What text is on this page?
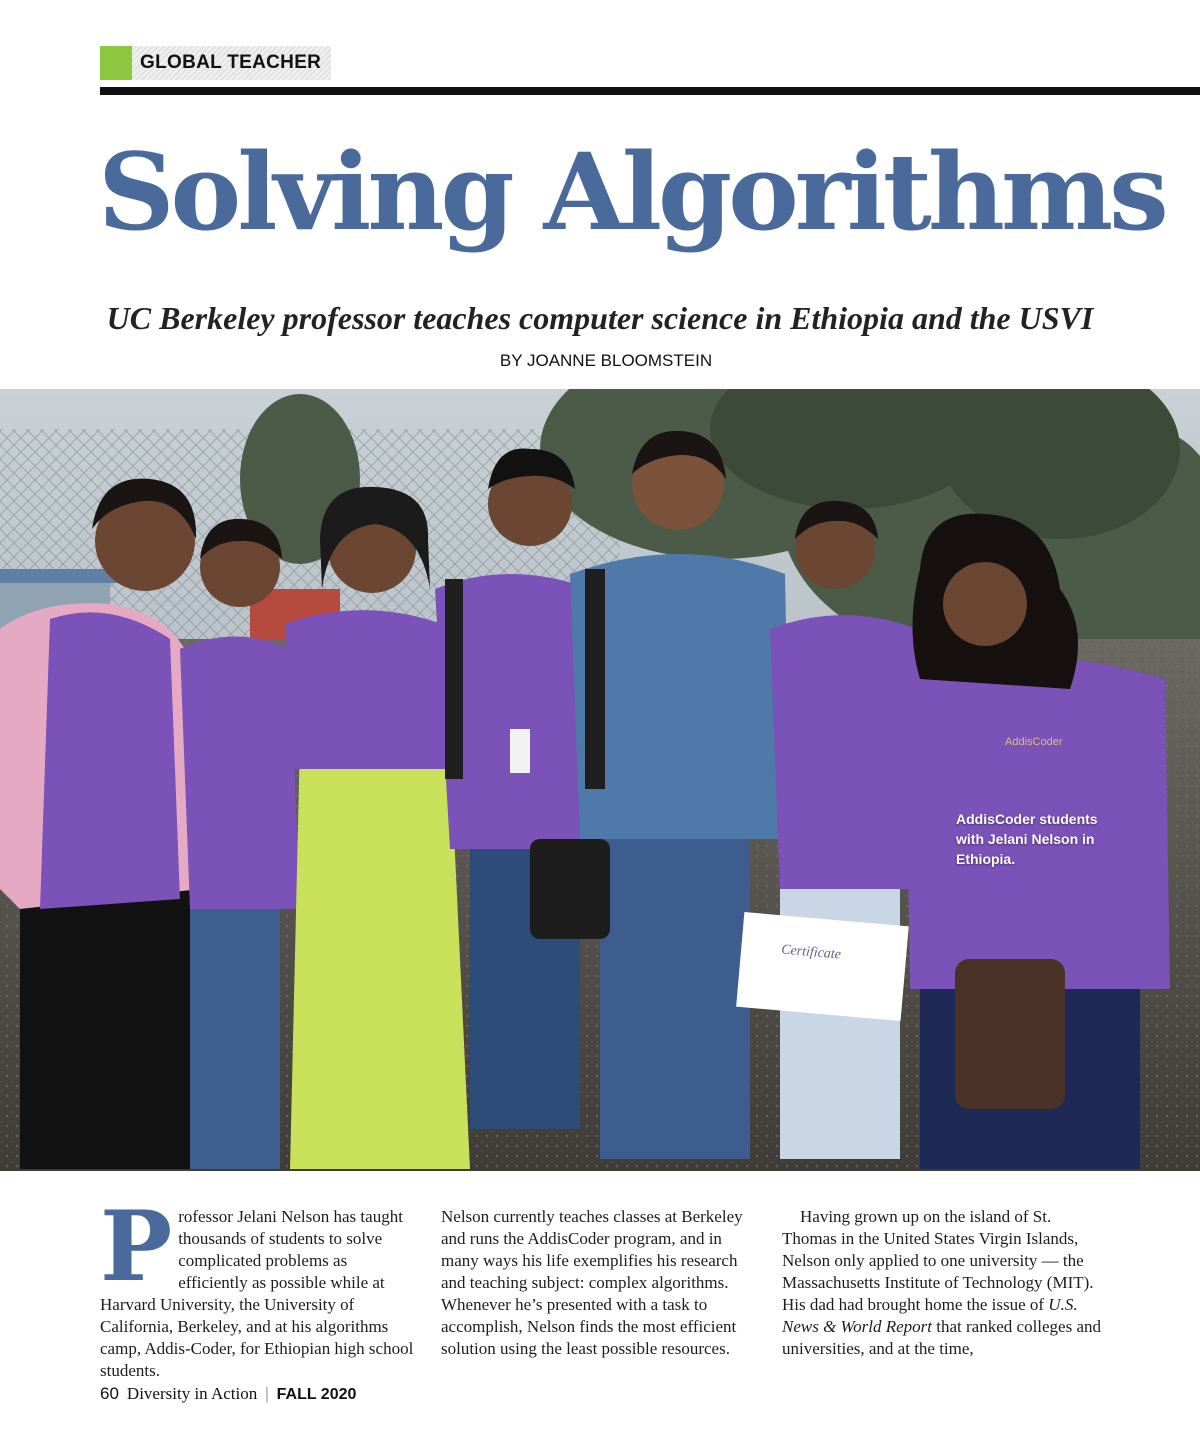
GLOBAL TEACHER
Solving Algorithms
UC Berkeley professor teaches computer science in Ethiopia and the USVI
BY JOANNE BLOOMSTEIN
Certificate
AddisCoder
AddisCoder students with Jelani Nelson in Ethiopia.
P rofessor Jelani Nelson has taught thousands of students to solve complicated problems as efficiently as possible while at Harvard University, the University of California, Berkeley, and at his algorithms camp, Addis-Coder, for Ethiopian high school students.

Nelson currently teaches classes at Berkeley and runs the AddisCoder program, and in many ways his life exemplifies his research and teaching subject: complex algorithms. Whenever he’s presented with a task to accomplish, Nelson finds the most efficient solution using the least possible resources.

Having grown up on the island of St. Thomas in the United States Virgin Islands, Nelson only applied to one university — the Massachusetts Institute of Technology (MIT). His dad had brought home the issue of U.S. News & World Report that ranked colleges and universities, and at the time,

60 Diversity in Action | FALL 2020
